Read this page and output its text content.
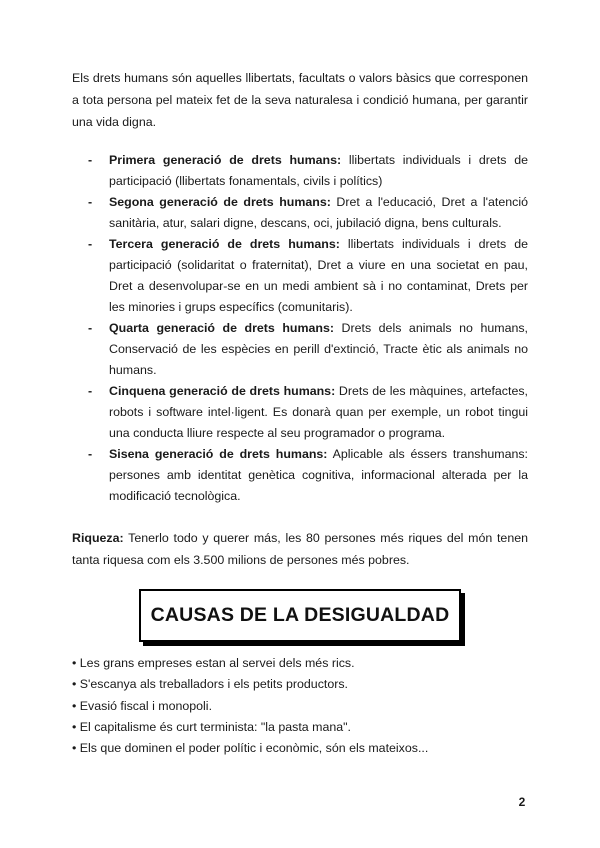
Els drets humans són aquelles llibertats, facultats o valors bàsics que corresponen a tota persona pel mateix fet de la seva naturalesa i condició humana, per garantir una vida digna.

- Primera generació de drets humans: llibertats individuals i drets de participació (llibertats fonamentals, civils i polítics)
- Segona generació de drets humans: Dret a l'educació, Dret a l'atenció sanitària, atur, salari digne, descans, oci, jubilació digna, bens culturals.
- Tercera generació de drets humans: llibertats individuals i drets de participació (solidaritat o fraternitat), Dret a viure en una societat en pau, Dret a desenvolupar-se en un medi ambient sà i no contaminat, Drets per les minories i grups específics (comunitaris).
- Quarta generació de drets humans: Drets dels animals no humans, Conservació de les espècies en perill d'extinció, Tracte ètic als animals no humans.
- Cinquena generació de drets humans: Drets de les màquines, artefactes, robots i software intel·ligent. Es donarà quan per exemple, un robot tingui una conducta lliure respecte al seu programador o programa.
- Sisena generació de drets humans: Aplicable als éssers transhumans: persones amb identitat genètica cognitiva, informacional alterada per la modificació tecnològica.

Riqueza: Tenerlo todo y querer más, les 80 persones més riques del món tenen tanta riquesa com els 3.500 milions de persones més pobres.

CAUSAS DE LA DESIGUALDAD
• Les grans empreses estan al servei dels més rics.
• S'escanya als treballadors i els petits productors.
• Evasió fiscal i monopoli.
• El capitalisme és curt terminista: "la pasta mana".
• Els que dominen el poder polític i econòmic, són els mateixos...
2
